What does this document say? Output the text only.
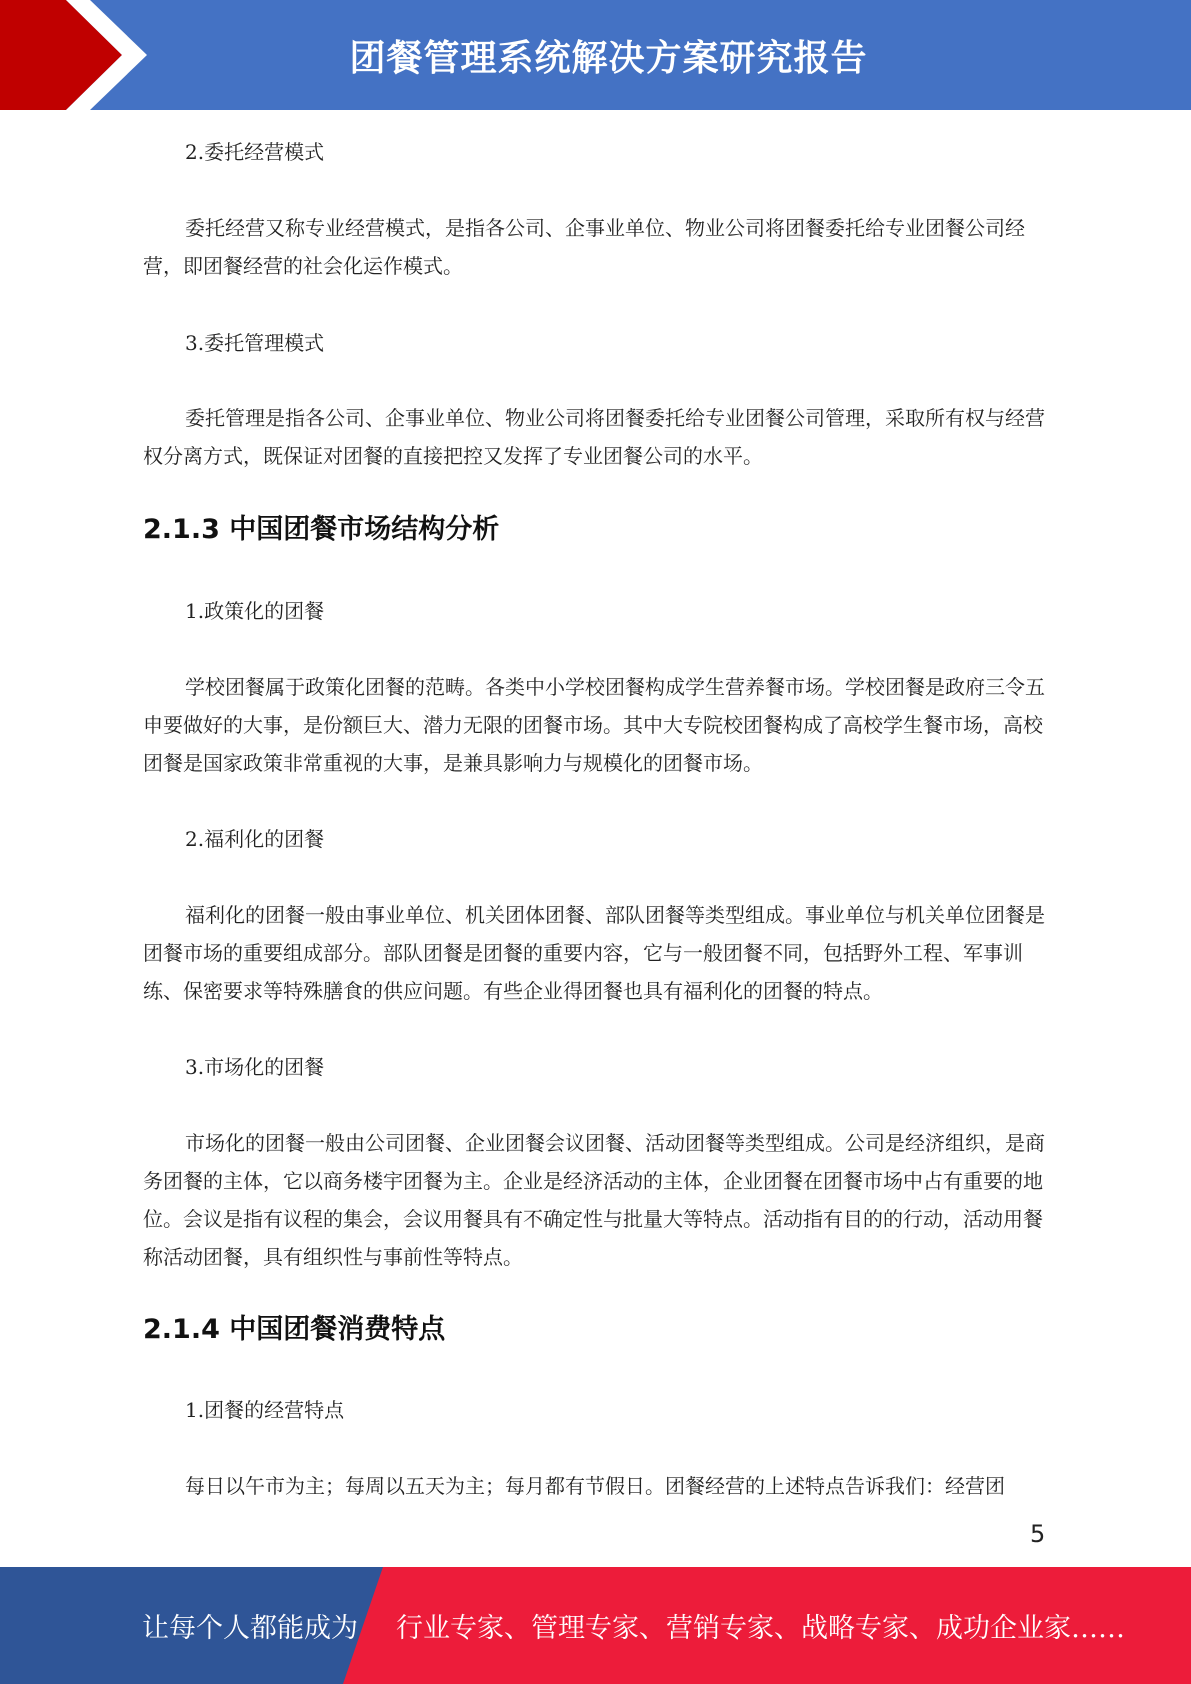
团餐管理系统解决方案研究报告
2.委托经营模式

委托经营又称专业经营模式，是指各公司、企事业单位、物业公司将团餐委托给专业团餐公司经营，即团餐经营的社会化运作模式。

3.委托管理模式

委托管理是指各公司、企事业单位、物业公司将团餐委托给专业团餐公司管理，采取所有权与经营权分离方式，既保证对团餐的直接把控又发挥了专业团餐公司的水平。

2.1.3 中国团餐市场结构分析
1.政策化的团餐

学校团餐属于政策化团餐的范畴。各类中小学校团餐构成学生营养餐市场。学校团餐是政府三令五申要做好的大事，是份额巨大、潜力无限的团餐市场。其中大专院校团餐构成了高校学生餐市场，高校团餐是国家政策非常重视的大事，是兼具影响力与规模化的团餐市场。

2.福利化的团餐

福利化的团餐一般由事业单位、机关团体团餐、部队团餐等类型组成。事业单位与机关单位团餐是团餐市场的重要组成部分。部队团餐是团餐的重要内容，它与一般团餐不同，包括野外工程、军事训练、保密要求等特殊膳食的供应问题。有些企业得团餐也具有福利化的团餐的特点。

3.市场化的团餐

市场化的团餐一般由公司团餐、企业团餐会议团餐、活动团餐等类型组成。公司是经济组织，是商务团餐的主体，它以商务楼宇团餐为主。企业是经济活动的主体，企业团餐在团餐市场中占有重要的地位。会议是指有议程的集会，会议用餐具有不确定性与批量大等特点。活动指有目的的行动，活动用餐称活动团餐，具有组织性与事前性等特点。

2.1.4 中国团餐消费特点
1.团餐的经营特点

每日以午市为主；每周以五天为主；每月都有节假日。团餐经营的上述特点告诉我们：经营团

5
让每个人都能成为 行业专家、管理专家、营销专家、战略专家、成功企业家……
